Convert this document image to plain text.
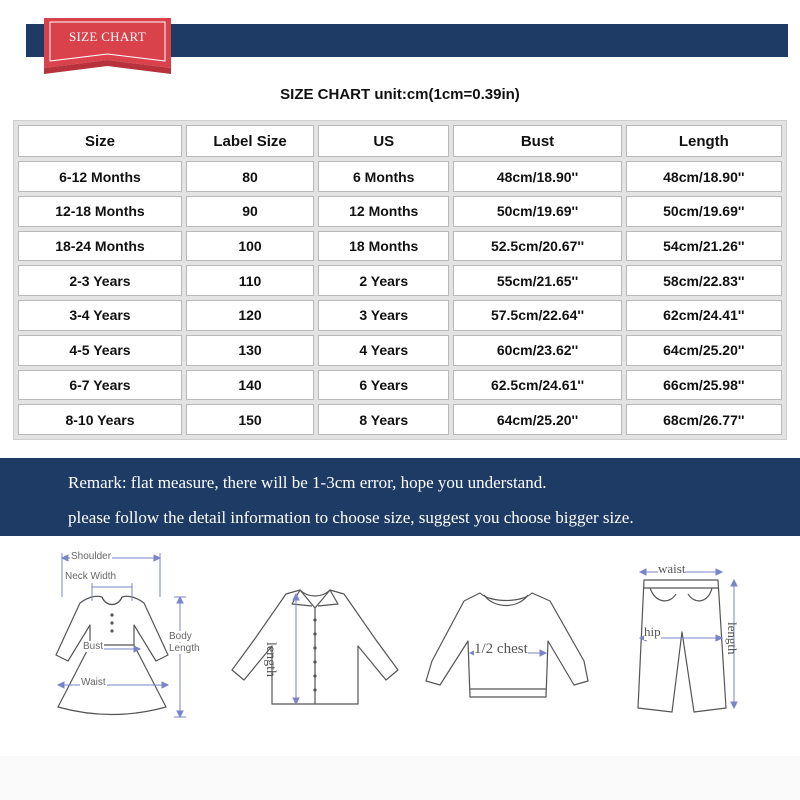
SIZE CHART
SIZE CHART unit:cm(1cm=0.39in)
Size	Label Size	US	Bust	Length
6-12 Months	80	6 Months	48cm/18.90''	48cm/18.90''
12-18 Months	90	12 Months	50cm/19.69''	50cm/19.69''
18-24 Months	100	18 Months	52.5cm/20.67''	54cm/21.26''
2-3 Years	110	2 Years	55cm/21.65''	58cm/22.83''
3-4 Years	120	3 Years	57.5cm/22.64''	62cm/24.41''
4-5 Years	130	4 Years	60cm/23.62''	64cm/25.20''
6-7 Years	140	6 Years	62.5cm/24.61''	66cm/25.98''
8-10 Years	150	8 Years	64cm/25.20''	68cm/26.77''
Remark: flat measure, there will be 1-3cm error, hope you understand.
please follow the detail information to choose size, suggest you choose bigger size.
Shoulder
Neck Width
Bust
Waist
Body
Length	length	1/2 chest
waist
hip	length
